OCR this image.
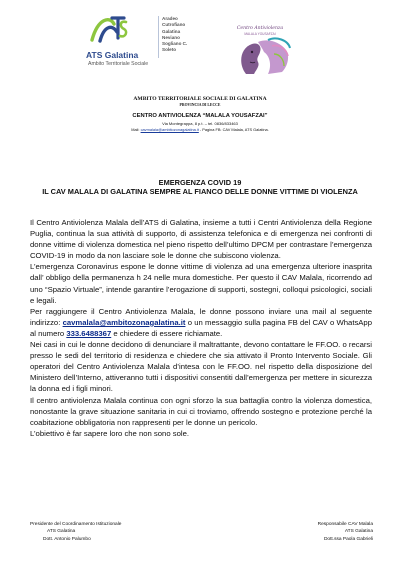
Aradeo
Cutrofiano
Galatina
Neviano
Sogliano C.
Soleto
ATS Galatina
Ambito Territoriale Sociale
Centro Antiviolenza
MALALA YOUSAFZAI
AMBITO TERRITORIALE SOCIALE DI GALATINA
PROVINCIA DI LECCE
CENTRO ANTIVIOLENZA “MALALA YOUSAFZAI”
Via Montegrappa, 8 p.t. – tel. 0836/833463
Mail: cavmalala@ambitozonagalatina.it - Pagina FB: CAV Malala, ATS Galatina.
EMERGENZA COVID 19
IL CAV MALALA DI GALATINA SEMPRE AL FIANCO DELLE DONNE VITTIME DI VIOLENZA

Il Centro Antiviolenza Malala dell’ATS di Galatina, insieme a tutti i Centri Antiviolenza della Regione Puglia, continua la sua attività di supporto, di assistenza telefonica e di emergenza nei confronti di donne vittime di violenza domestica nel pieno rispetto dell’ultimo DPCM per contrastare l’emergenza COVID-19 in modo da non lasciare sole le donne che subiscono violenza.

L’emergenza Coronavirus espone le donne vittime di violenza ad una emergenza ulteriore inasprita dall’ obbligo della permanenza h 24 nelle mura domestiche. Per questo il CAV Malala, ricorrendo ad uno “Spazio Virtuale”, intende garantire l’erogazione di supporti, sostegni, colloqui psicologici, sociali e legali.

Per raggiungere il Centro Antiviolenza Malala, le donne possono inviare una mail al seguente indirizzo: cavmalala@ambitozonagalatina.it o un messaggio sulla pagina FB del CAV o WhatsApp al numero 333.6488367 e chiedere di essere richiamate.

Nei casi in cui le donne decidono di denunciare il maltrattante, devono contattare le FF.OO. o recarsi presso le sedi del territorio di residenza e chiedere che sia attivato il Pronto Intervento Sociale. Gli operatori del Centro Antiviolenza Malala d’intesa con le FF.OO. nel rispetto della disposizione del Ministero dell’Interno, attiveranno tutti i dispositivi consentiti dall’emergenza per mettere in sicurezza la donna ed i figli minori.

Il centro antiviolenza Malala continua con ogni sforzo la sua battaglia contro la violenza domestica, nonostante la grave situazione sanitaria in cui ci troviamo, offrendo sostegno e protezione perché la coabitazione obbligatoria non rappresenti per le donne un pericolo.

L’obiettivo è far sapere loro che non sono sole.

Presidente del Coordinamento Istituzionale
ATS Galatina
Dott. Antonio Palumbo
Responsabile CAV Malala
ATS Galatina
Dott.ssa Paola Gabrieli
